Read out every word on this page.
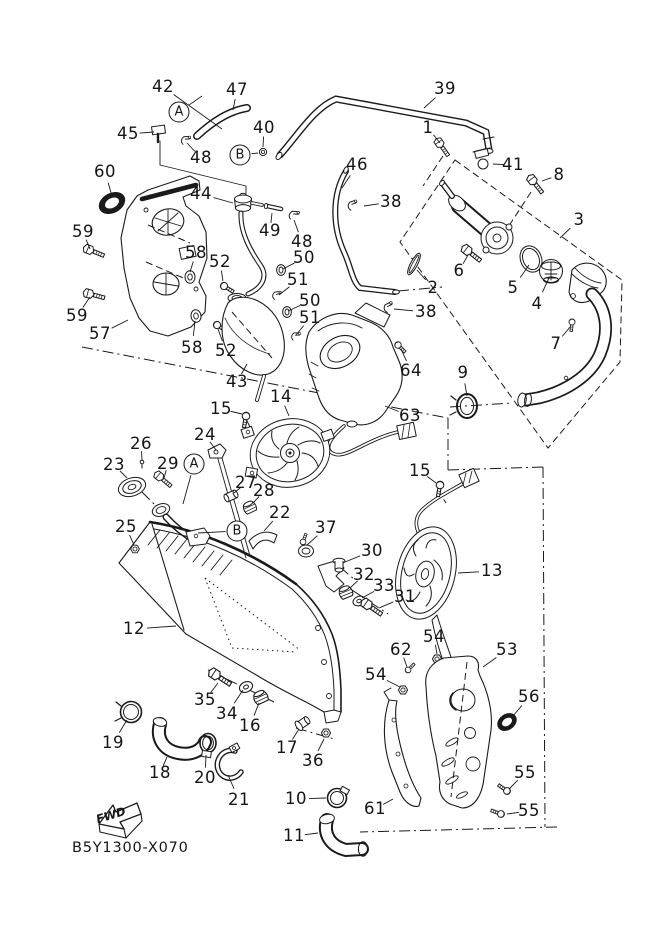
FWD
42	47	39
45	40	1
48	41
8
60	46
44	38
3
59	49
48
58 52	50
51
50
51
2
6
5
4
38
59
57
58 52	7
64
43	9
63
14
15
24
26
23 29
27
28
22
15
25	37
30
32
33
31
13
12	54
62	53
54
35
34
16
19	17
36
18 20
21 10
56
55
55
61
11
A
B
A
B
B5Y1300-X070
